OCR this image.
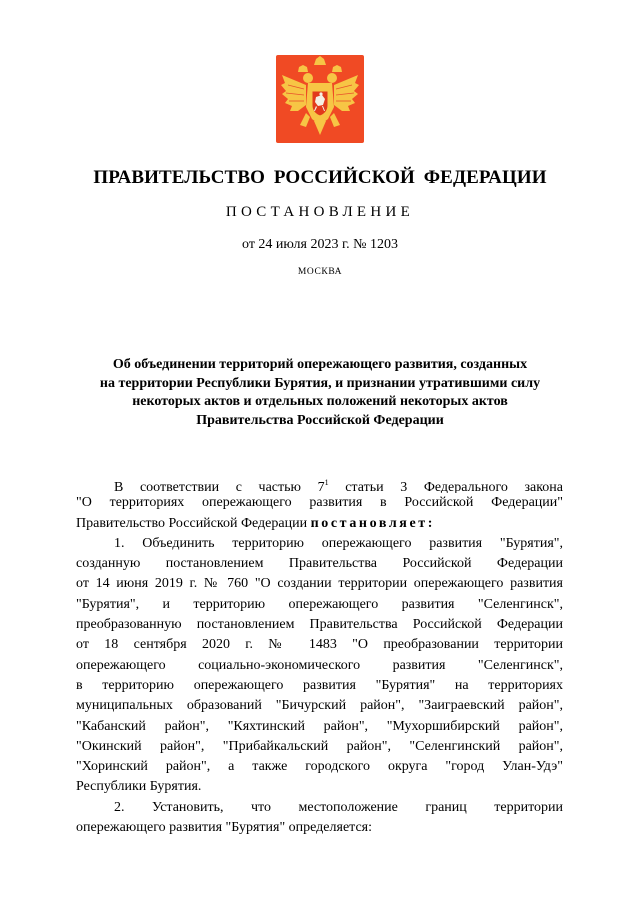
ПРАВИТЕЛЬСТВО РОССИЙСКОЙ ФЕДЕРАЦИИ
ПОСТАНОВЛЕНИЕ
от 24 июля 2023 г. № 1203
МОСКВА
Об объединении территорий опережающего развития, созданных
на территории Республики Бурятия, и признании утратившими силу
некоторых актов и отдельных положений некоторых актов
Правительства Российской Федерации
В соответствии с частью $7^1$ статьи 3 Федерального закона
"О территориях опережающего развития в Российской Федерации"
Правительство Российской Федерации постановляет:
1. Объединить территорию опережающего развития "Бурятия",
созданную постановлением Правительства Российской Федерации
от 14 июня 2019 г. № 760 "О создании территории опережающего развития
"Бурятия", и территорию опережающего развития "Селенгинск",
преобразованную постановлением Правительства Российской Федерации
от 18 сентября 2020 г. № 1483 "О преобразовании территории
опережающего социально-экономического развития "Селенгинск",
в территорию опережающего развития "Бурятия" на территориях
муниципальных образований "Бичурский район", "Заиграевский район",
"Кабанский район", "Кяхтинский район", "Мухоршибирский район",
"Окинский район", "Прибайкальский район", "Селенгинский район",
"Хоринский район", а также городского округа "город Улан-Удэ"
Республики Бурятия.
2. Установить, что местоположение границ территории
опережающего развития "Бурятия" определяется:
